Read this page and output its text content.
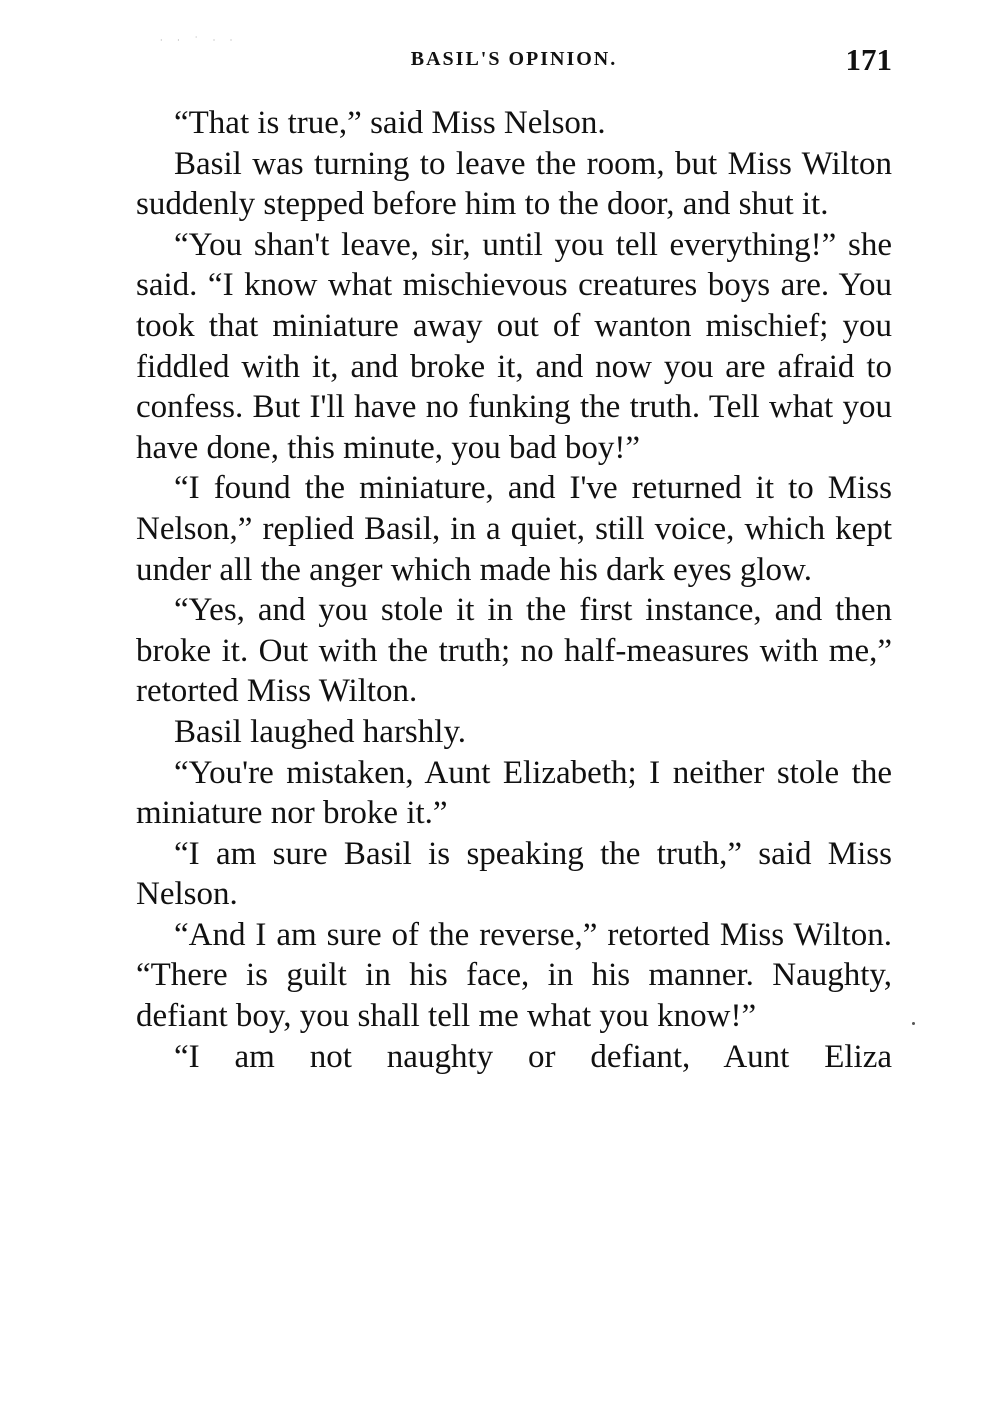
· · ˙ · ·
BASIL'S OPINION.	171

“That is true,” said Miss Nelson.

Basil was turning to leave the room, but Miss Wilton suddenly stepped before him to the door, and shut it.

“You shan't leave, sir, until you tell everything!” she said. “I know what mischievous creatures boys are. You took that miniature away out of wanton mischief; you fiddled with it, and broke it, and now you are afraid to confess. But I'll have no funking the truth. Tell what you have done, this minute, you bad boy!”

“I found the miniature, and I've returned it to Miss Nelson,” replied Basil, in a quiet, still voice, which kept under all the anger which made his dark eyes glow.

“Yes, and you stole it in the first instance, and then broke it. Out with the truth; no half-measures with me,” retorted Miss Wilton.

Basil laughed harshly.

“You're mistaken, Aunt Elizabeth; I neither stole the miniature nor broke it.”

“I am sure Basil is speaking the truth,” said Miss Nelson.

“And I am sure of the reverse,” retorted Miss Wilton. “There is guilt in his face, in his manner. Naughty, defiant boy, you shall tell me what you know!”

“I am not naughty or defiant, Aunt Eliza
